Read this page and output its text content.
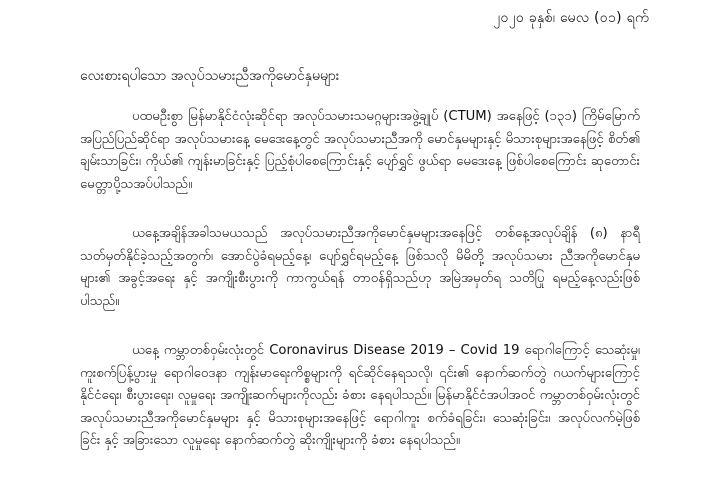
၂၀၂၀ ခုနှစ်၊ မေလ (၀၁) ရက်
လေးစားရပါသော အလုပ်သမားညီအကိုမောင်နှမများ

ပထမဦးစွာ မြန်မာနိုင်ငံလုံးဆိုင်ရာ အလုပ်သမားသမဂ္ဂများအဖွဲ့ချုပ် (CTUM) အနေဖြင့် (၁၃၁) ကြိမ်မြောက် အပြည်ပြည်ဆိုင်ရာ အလုပ်သမားနေ့ မေဒေးနေ့တွင် အလုပ်သမားညီအကို မောင်နှမများနှင့် မိသားစုများအနေဖြင့် စိတ်၏ ချမ်းသာခြင်း၊ ကိုယ်၏ ကျန်းမာခြင်းနှင့် ပြည့်စုံပါစေကြောင်းနှင့် ပျော်ရွှင် ဖွယ်ရာ မေဒေးနေ့ ဖြစ်ပါစေကြောင်း ဆုတောင်းမေတ္တာပို့သအပ်ပါသည်။

ယနေ့အချိန်အခါသမယသည် အလုပ်သမားညီအကိုမောင်နှမများအနေဖြင့် တစ်နေ့အလုပ်ချိန် (၈) နာရီ သတ်မှတ်နိုင်ခဲ့သည့်အတွက်၊ အောင်ပွဲခံရမည့်နေ့၊ ပျော်ရွှင်ရမည့်နေ့ ဖြစ်သလို မိမိတို့ အလုပ်သမား ညီအကိုမောင်နှမများ၏ အခွင့်အရေး နှင့် အကျိုးစီးပွားကို ကာကွယ်ရန် တာဝန်ရှိသည်ဟု အမြဲအမှတ်ရ သတိပြု ရမည့်နေ့လည်းဖြစ်ပါသည်။

ယနေ့ ကမ္ဘာတစ်ဝှမ်းလုံးတွင် Coronavirus Disease 2019 – Covid 19 ရောဂါကြောင့် သေဆုံးမှု၊ ကူးစက်ပြန့်ပွားမှု ရောဂါဝေဒနာ ကျန်းမာရေးကိစ္စများကို ရင်ဆိုင်နေရသလို၊ ၎င်း၏ နောက်ဆက်တွဲ ဂယက်များကြောင့် နိုင်ငံရေး၊ စီးပွားရေး၊ လူမှုရေး အကျိုးဆက်များကိုလည်း ခံစား နေရပါသည်။ မြန်မာနိုင်ငံအပါအဝင် ကမ္ဘာတစ်ဝှမ်းလုံးတွင် အလုပ်သမားညီအကိုမောင်နှမများ နှင့် မိသားစုများအနေဖြင့် ရောဂါကူး စက်ခံရခြင်း၊ သေဆုံးခြင်း၊ အလုပ်လက်မဲ့ဖြစ်ခြင်း နှင့် အခြားသော လူမှုရေး နောက်ဆက်တွဲ ဆိုးကျိုးများကို ခံစား နေရပါသည်။
